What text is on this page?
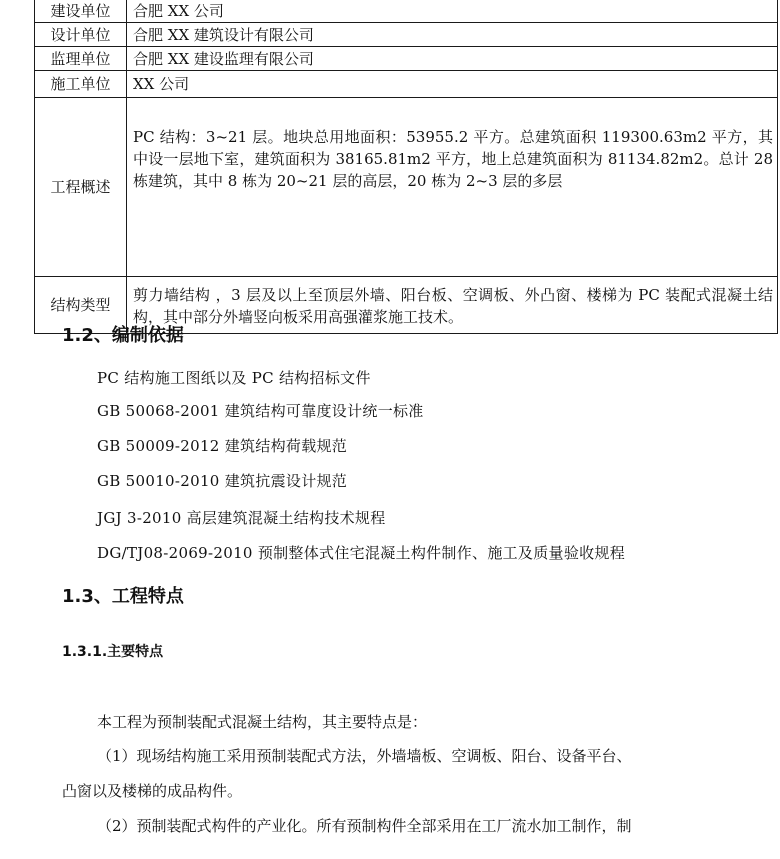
建设单位	合肥 XX 公司
设计单位	合肥 XX 建筑设计有限公司
监理单位	合肥 XX 建设监理有限公司
施工单位	XX 公司
工程概述	PC 结构：3~21 层。地块总用地面积：53955.2 平方。总建筑面积 119300.63m2 平方，其中设一层地下室，建筑面积为 38165.81m2 平方，地上总建筑面积为 81134.82m2。总计 28 栋建筑，其中 8 栋为 20~21 层的高层，20 栋为 2~3 层的多层
结构类型	剪力墙结构 ，3 层及以上至顶层外墙、阳台板、空调板、外凸窗、楼梯为 PC 装配式混凝土结构，其中部分外墙竖向板采用高强灌浆施工技术。
1.2、编制依据
PC 结构施工图纸以及 PC 结构招标文件
GB 50068-2001 建筑结构可靠度设计统一标准
GB 50009-2012 建筑结构荷载规范
GB 50010-2010 建筑抗震设计规范
JGJ 3-2010 高层建筑混凝土结构技术规程
DG/TJ08-2069-2010 预制整体式住宅混凝土构件制作、施工及质量验收规程
1.3、工程特点
1.3.1.主要特点
本工程为预制装配式混凝土结构，其主要特点是：
（1）现场结构施工采用预制装配式方法，外墙墙板、空调板、阳台、设备平台、
凸窗以及楼梯的成品构件。
（2）预制装配式构件的产业化。所有预制构件全部采用在工厂流水加工制作，制
